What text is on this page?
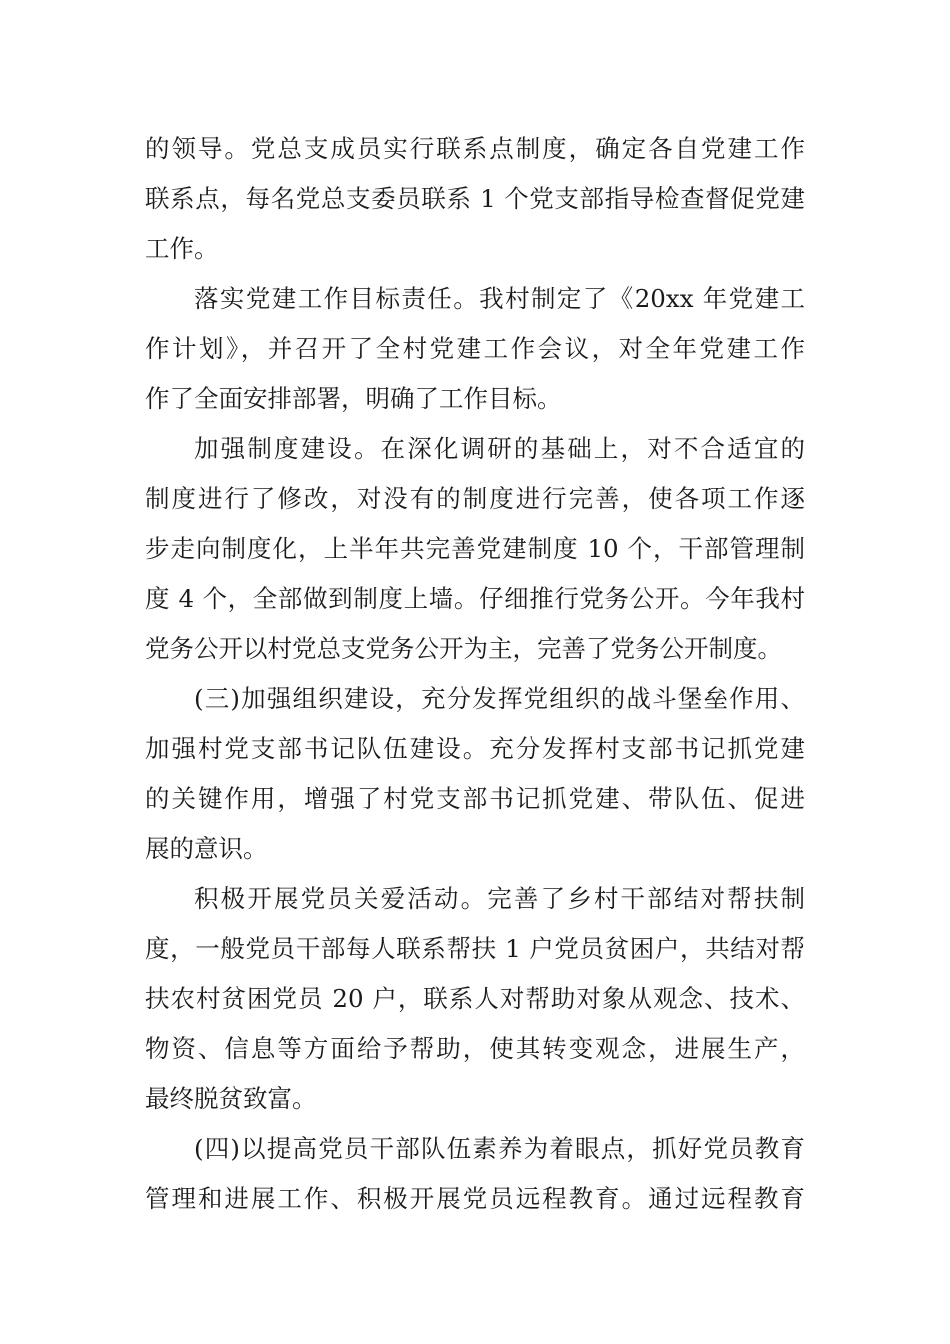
的领导。党总支成员实行联系点制度，确定各自党建工作
联系点，每名党总支委员联系 1 个党支部指导检查督促党建
工作。
落实党建工作目标责任。我村制定了《20xx 年党建工
作计划》，并召开了全村党建工作会议，对全年党建工作
作了全面安排部署，明确了工作目标。
加强制度建设。在深化调研的基础上，对不合适宜的
制度进行了修改，对没有的制度进行完善，使各项工作逐
步走向制度化，上半年共完善党建制度 10 个，干部管理制
度 4 个，全部做到制度上墙。仔细推行党务公开。今年我村
党务公开以村党总支党务公开为主，完善了党务公开制度。
(三)加强组织建设，充分发挥党组织的战斗堡垒作用、
加强村党支部书记队伍建设。充分发挥村支部书记抓党建
的关键作用，增强了村党支部书记抓党建、带队伍、促进
展的意识。
积极开展党员关爱活动。完善了乡村干部结对帮扶制
度，一般党员干部每人联系帮扶 1 户党员贫困户，共结对帮
扶农村贫困党员 20 户，联系人对帮助对象从观念、技术、
物资、信息等方面给予帮助，使其转变观念，进展生产，
最终脱贫致富。
(四)以提高党员干部队伍素养为着眼点，抓好党员教育
管理和进展工作、积极开展党员远程教育。通过远程教育
